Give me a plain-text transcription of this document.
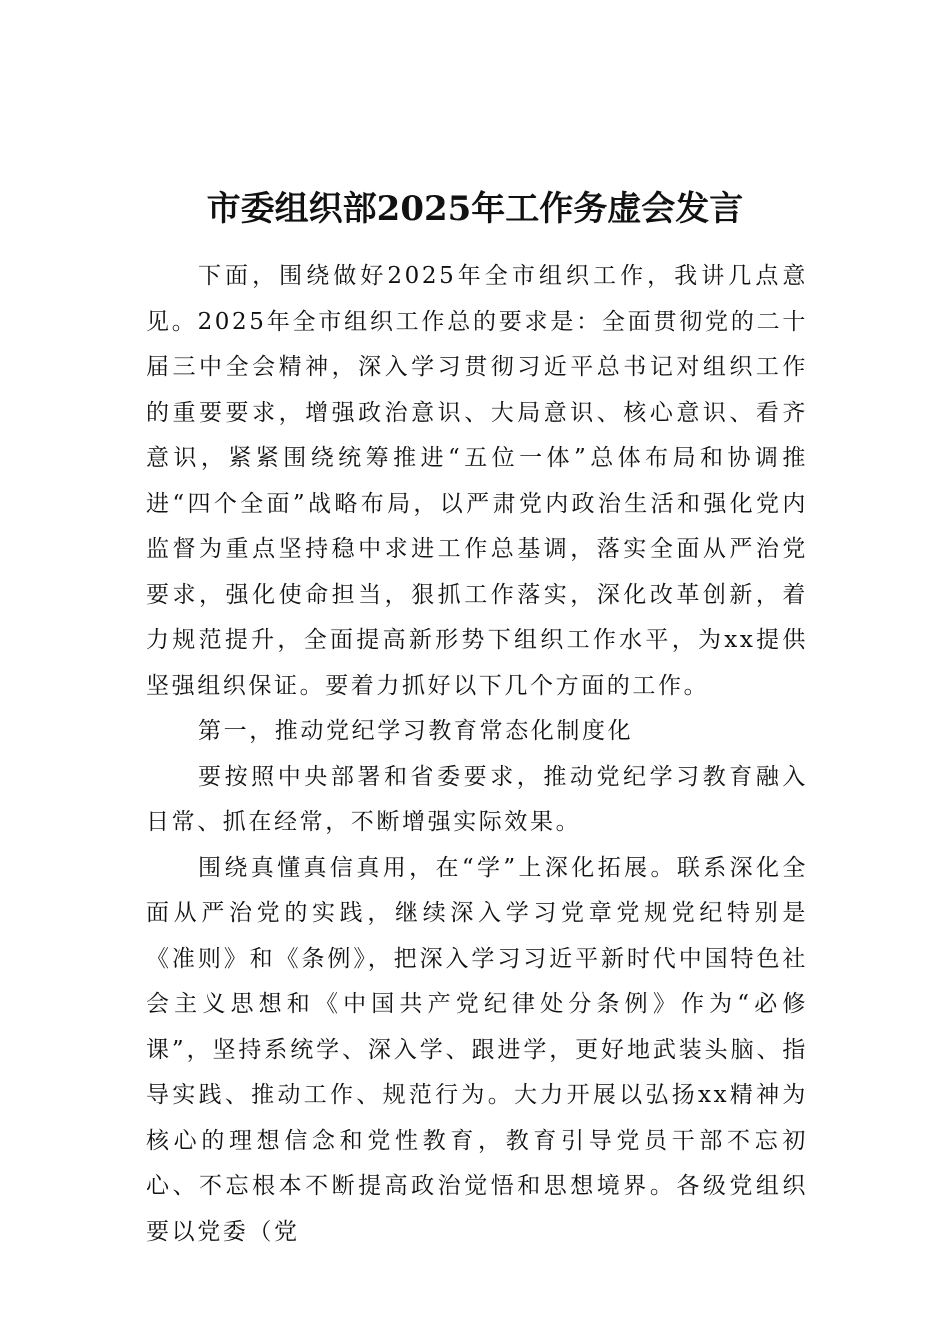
市委组织部2025年工作务虚会发言

下面，围绕做好2025年全市组织工作，我讲几点意见。2025年全市组织工作总的要求是：全面贯彻党的二十届三中全会精神，深入学习贯彻习近平总书记对组织工作的重要要求，增强政治意识、大局意识、核心意识、看齐意识，紧紧围绕统筹推进“五位一体”总体布局和协调推进“四个全面”战略布局，以严肃党内政治生活和强化党内监督为重点坚持稳中求进工作总基调，落实全面从严治党要求，强化使命担当，狠抓工作落实，深化改革创新，着力规范提升，全面提高新形势下组织工作水平，为xx提供坚强组织保证。要着力抓好以下几个方面的工作。

第一，推动党纪学习教育常态化制度化

要按照中央部署和省委要求，推动党纪学习教育融入日常、抓在经常，不断增强实际效果。

围绕真懂真信真用，在“学”上深化拓展。联系深化全面从严治党的实践，继续深入学习党章党规党纪特别是《准则》和《条例》，把深入学习习近平新时代中国特色社会主义思想和《中国共产党纪律处分条例》作为“必修课”，坚持系统学、深入学、跟进学，更好地武装头脑、指导实践、推动工作、规范行为。大力开展以弘扬xx精神为核心的理想信念和党性教育，教育引导党员干部不忘初心、不忘根本不断提高政治觉悟和思想境界。各级党组织要以党委（党
